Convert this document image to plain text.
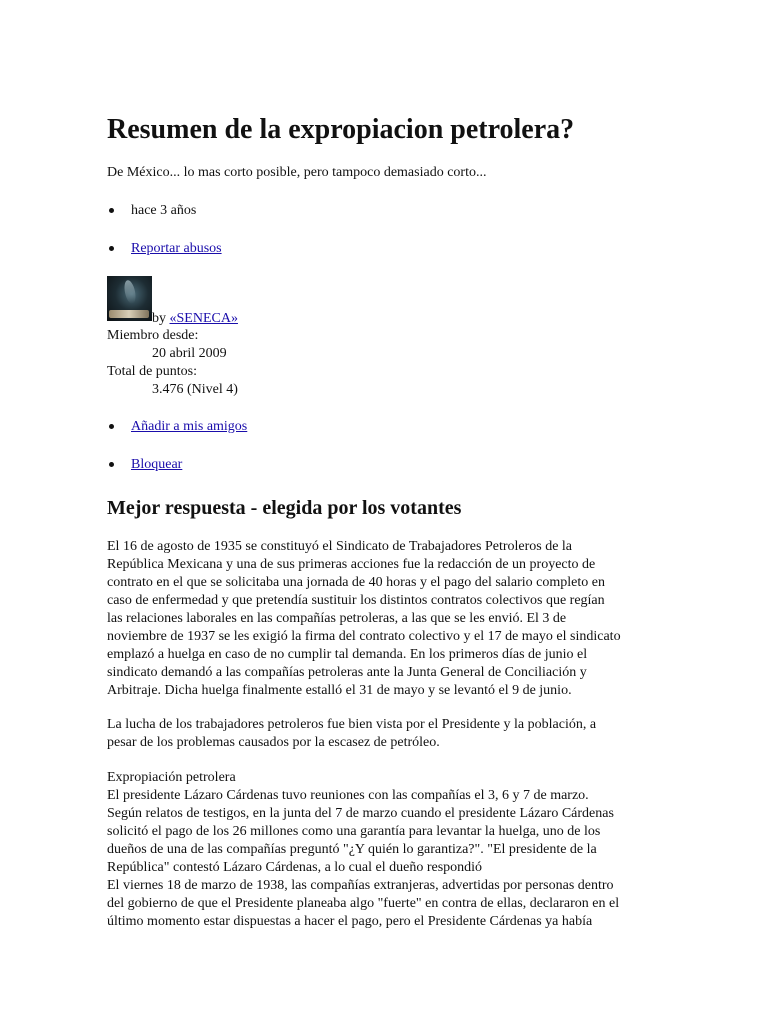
Resumen de la expropiacion petrolera?

De México... lo mas corto posible, pero tampoco demasiado corto...

hace 3 años
Reportar abusos
by «SENECA»
Miembro desde:
20 abril 2009
Total de puntos:
3.476 (Nivel 4)
Añadir a mis amigos
Bloquear
Mejor respuesta - elegida por los votantes
El 16 de agosto de 1935 se constituyó el Sindicato de Trabajadores Petroleros de la
República Mexicana y una de sus primeras acciones fue la redacción de un proyecto de
contrato en el que se solicitaba una jornada de 40 horas y el pago del salario completo en
caso de enfermedad y que pretendía sustituir los distintos contratos colectivos que regían
las relaciones laborales en las compañías petroleras, a las que se les envió. El 3 de
noviembre de 1937 se les exigió la firma del contrato colectivo y el 17 de mayo el sindicato
emplazó a huelga en caso de no cumplir tal demanda. En los primeros días de junio el
sindicato demandó a las compañías petroleras ante la Junta General de Conciliación y
Arbitraje. Dicha huelga finalmente estalló el 31 de mayo y se levantó el 9 de junio.
La lucha de los trabajadores petroleros fue bien vista por el Presidente y la población, a
pesar de los problemas causados por la escasez de petróleo.
Expropiación petrolera
El presidente Lázaro Cárdenas tuvo reuniones con las compañías el 3, 6 y 7 de marzo.
Según relatos de testigos, en la junta del 7 de marzo cuando el presidente Lázaro Cárdenas
solicitó el pago de los 26 millones como una garantía para levantar la huelga, uno de los
dueños de una de las compañías preguntó "¿Y quién lo garantiza?". "El presidente de la
República" contestó Lázaro Cárdenas, a lo cual el dueño respondió
El viernes 18 de marzo de 1938, las compañías extranjeras, advertidas por personas dentro
del gobierno de que el Presidente planeaba algo "fuerte" en contra de ellas, declararon en el
último momento estar dispuestas a hacer el pago, pero el Presidente Cárdenas ya había
